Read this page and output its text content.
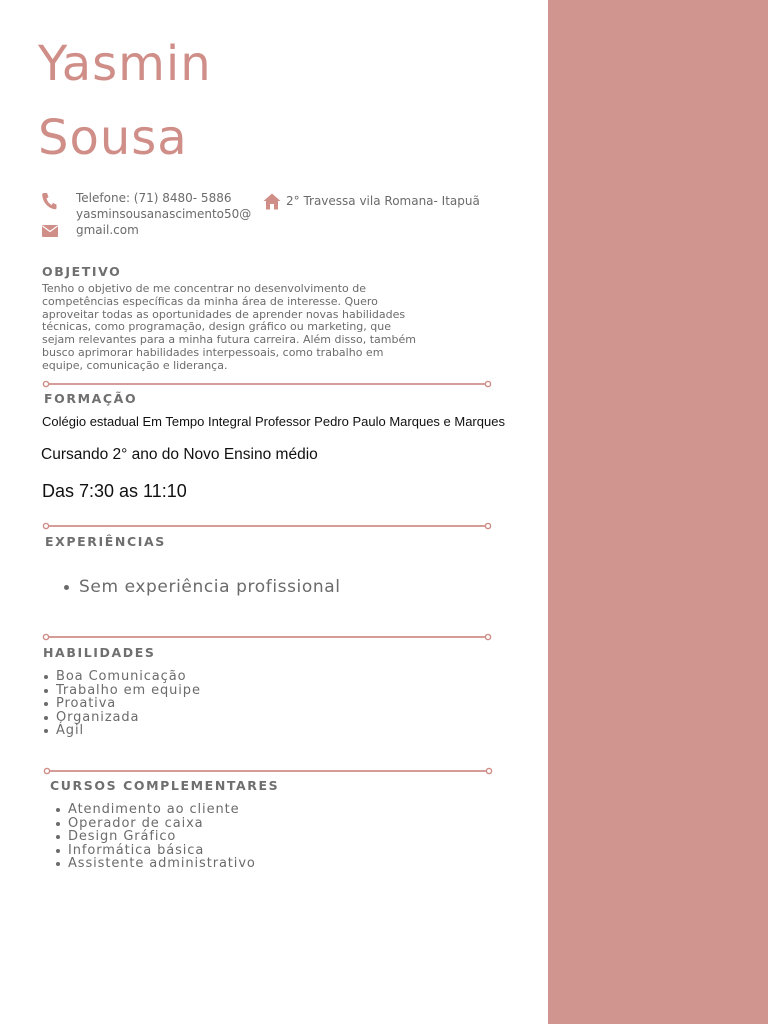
Yasmin
Sousa
Telefone: (71) 8480- 5886
yasminsousanascimento50@
gmail.com
2° Travessa vila Romana- Itapuã
OBJETIVO
Tenho o objetivo de me concentrar no desenvolvimento de
competências específicas da minha área de interesse. Quero
aproveitar todas as oportunidades de aprender novas habilidades
técnicas, como programação, design gráfico ou marketing, que
sejam relevantes para a minha futura carreira. Além disso, também
busco aprimorar habilidades interpessoais, como trabalho em
equipe, comunicação e liderança.
FORMAÇÃO
Colégio estadual Em Tempo Integral Professor Pedro Paulo Marques e Marques
Cursando 2° ano do Novo Ensino médio
Das 7:30 as 11:10
EXPERIÊNCIAS
Sem experiência profissional
HABILIDADES
Boa Comunicação
Trabalho em equipe
Proativa
Organizada
Ágil
CURSOS COMPLEMENTARES
Atendimento ao cliente
Operador de caixa
Design Gráfico
Informática básica
Assistente administrativo
